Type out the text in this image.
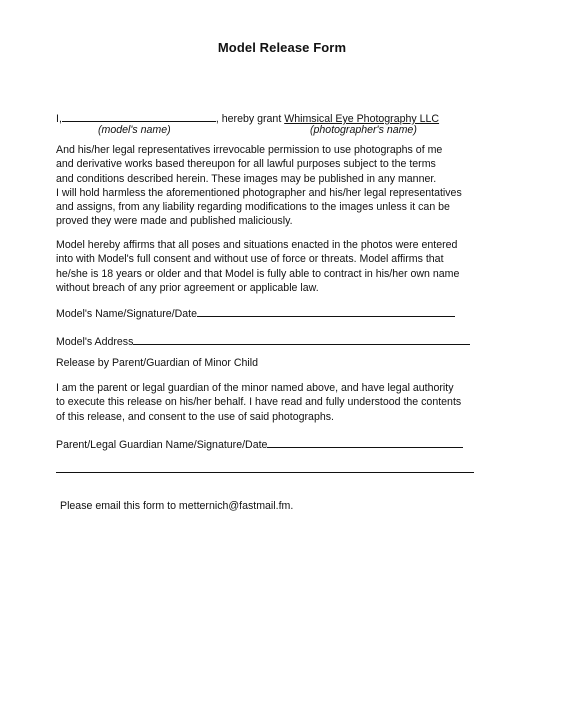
Model Release Form
I,	, hereby grant Whimsical Eye Photography LLC
(model's name)	(photographer's name)
And his/her legal representatives irrevocable permission to use photographs of me
and derivative works based thereupon for all lawful purposes subject to the terms
and conditions described herein. These images may be published in any manner.
I will hold harmless the aforementioned photographer and his/her legal representatives
and assigns, from any liability regarding modifications to the images unless it can be
proved they were made and published maliciously.
Model hereby affirms that all poses and situations enacted in the photos were entered
into with Model's full consent and without use of force or threats. Model affirms that
he/she is 18 years or older and that Model is fully able to contract in his/her own name
without breach of any prior agreement or applicable law.
Model's Name/Signature/Date
Model's Address
Release by Parent/Guardian of Minor Child
I am the parent or legal guardian of the minor named above, and have legal authority
to execute this release on his/her behalf. I have read and fully understood the contents
of this release, and consent to the use of said photographs.
Parent/Legal Guardian Name/Signature/Date
Please email this form to metternich@fastmail.fm.
